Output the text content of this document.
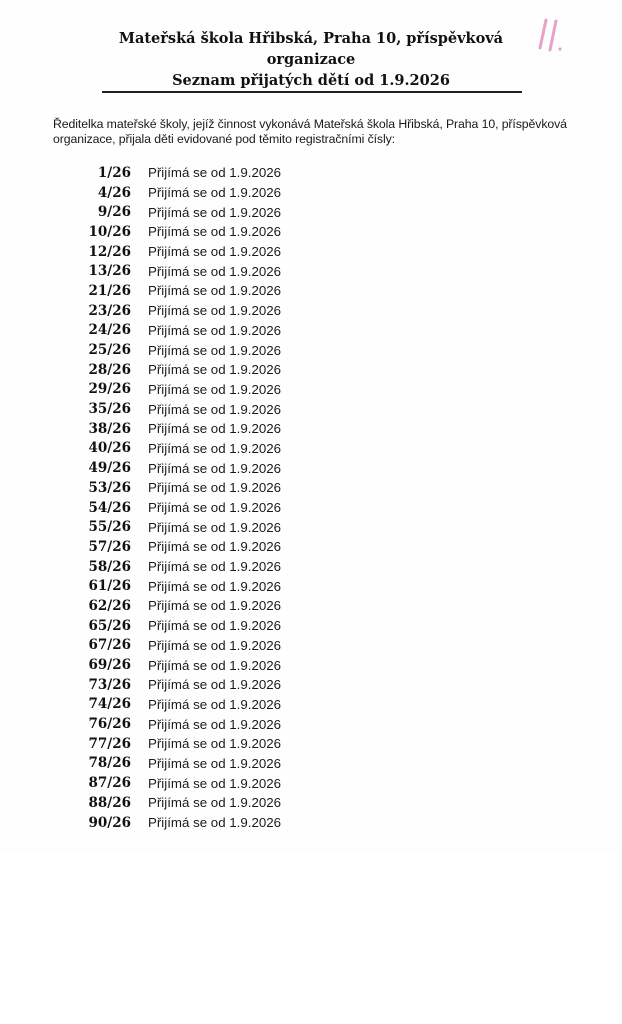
Mateřská škola Hřibská, Praha 10, příspěvková
organizace
Seznam přijatých dětí od 1.9.2026
Ředitelka mateřské školy, jejíž činnost vykonává Mateřská škola Hřibská, Praha 10, příspěvková organizace, přijala děti evidované pod těmito registračními čísly:
1/26 Přijímá se od 1.9.2026
4/26 Přijímá se od 1.9.2026
9/26 Přijímá se od 1.9.2026
10/26 Přijímá se od 1.9.2026
12/26 Přijímá se od 1.9.2026
13/26 Přijímá se od 1.9.2026
21/26 Přijímá se od 1.9.2026
23/26 Přijímá se od 1.9.2026
24/26 Přijímá se od 1.9.2026
25/26 Přijímá se od 1.9.2026
28/26 Přijímá se od 1.9.2026
29/26 Přijímá se od 1.9.2026
35/26 Přijímá se od 1.9.2026
38/26 Přijímá se od 1.9.2026
40/26 Přijímá se od 1.9.2026
49/26 Přijímá se od 1.9.2026
53/26 Přijímá se od 1.9.2026
54/26 Přijímá se od 1.9.2026
55/26 Přijímá se od 1.9.2026
57/26 Přijímá se od 1.9.2026
58/26 Přijímá se od 1.9.2026
61/26 Přijímá se od 1.9.2026
62/26 Přijímá se od 1.9.2026
65/26 Přijímá se od 1.9.2026
67/26 Přijímá se od 1.9.2026
69/26 Přijímá se od 1.9.2026
73/26 Přijímá se od 1.9.2026
74/26 Přijímá se od 1.9.2026
76/26 Přijímá se od 1.9.2026
77/26 Přijímá se od 1.9.2026
78/26 Přijímá se od 1.9.2026
87/26 Přijímá se od 1.9.2026
88/26 Přijímá se od 1.9.2026
90/26 Přijímá se od 1.9.2026
